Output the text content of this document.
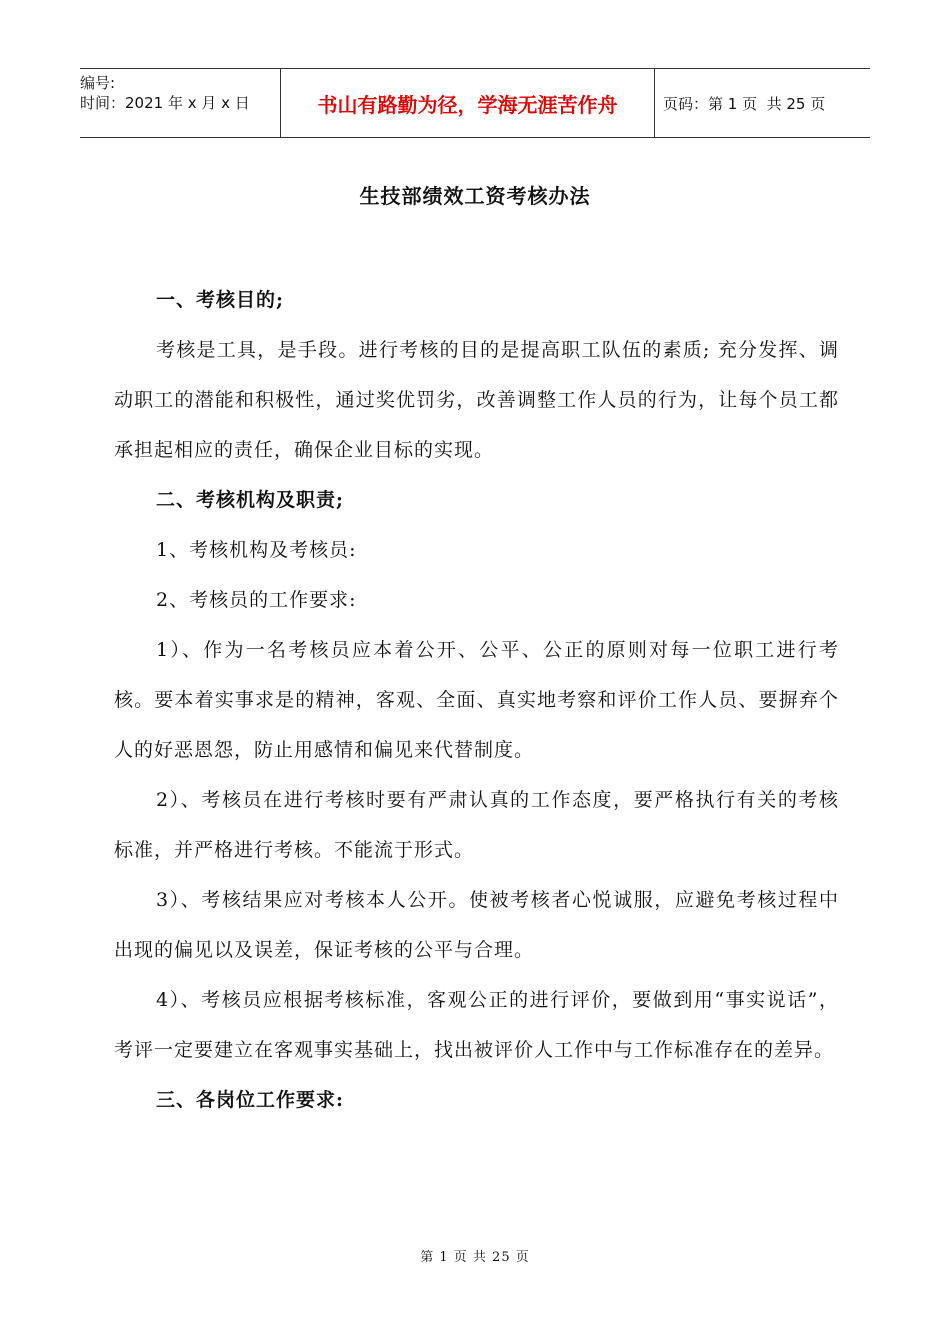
编号:
时间：2021 年 x 月 x 日	书山有路勤为径，学海无涯苦作舟	页码：第 1 页  共 25 页
生技部绩效工资考核办法

一、考核目的;

考核是工具，是手段。进行考核的目的是提高职工队伍的素质; 充分发挥、调动职工的潜能和积极性，通过奖优罚劣，改善调整工作人员的行为，让每个员工都承担起相应的责任，确保企业目标的实现。

二、考核机构及职责;

1、考核机构及考核员:

2、考核员的工作要求:

1）、作为一名考核员应本着公开、公平、公正的原则对每一位职工进行考核。要本着实事求是的精神，客观、全面、真实地考察和评价工作人员、要摒弃个人的好恶恩怨，防止用感情和偏见来代替制度。

2）、考核员在进行考核时要有严肃认真的工作态度，要严格执行有关的考核标准，并严格进行考核。不能流于形式。

3）、考核结果应对考核本人公开。使被考核者心悦诚服，应避免考核过程中出现的偏见以及误差，保证考核的公平与合理。

4）、考核员应根据考核标准，客观公正的进行评价，要做到用“事实说话”，考评一定要建立在客观事实基础上，找出被评价人工作中与工作标准存在的差异。

三、各岗位工作要求:

第 1 页 共 25 页
